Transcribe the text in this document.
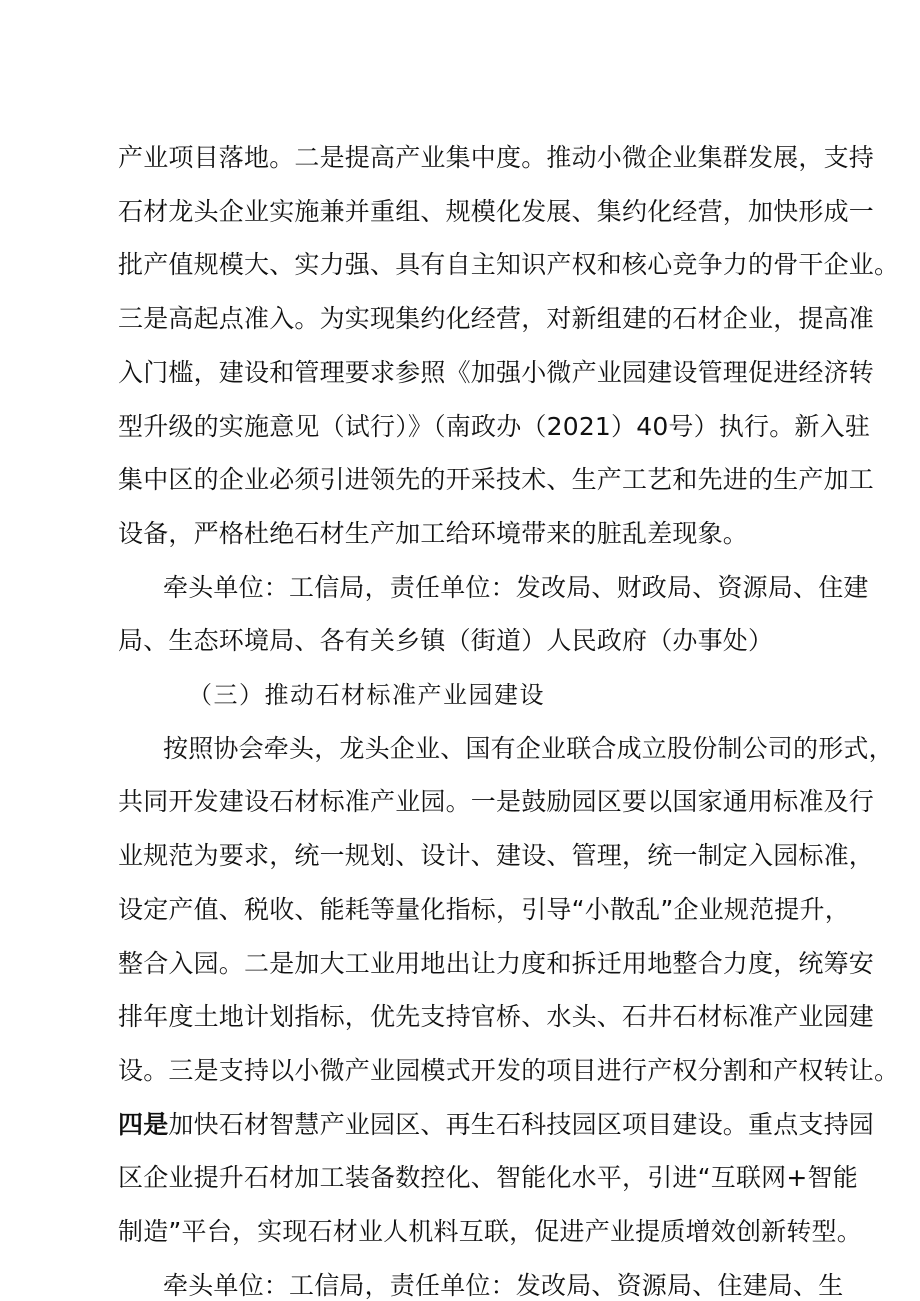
产业项目落地。二是提高产业集中度。推动小微企业集群发展，支持
石材龙头企业实施兼并重组、规模化发展、集约化经营，加快形成一
批产值规模大、实力强、具有自主知识产权和核心竞争力的骨干企业。
三是高起点准入。为实现集约化经营，对新组建的石材企业，提高准
入门槛，建设和管理要求参照《加强小微产业园建设管理促进经济转
型升级的实施意见（试行）》（南政办（2021）40号）执行。新入驻
集中区的企业必须引进领先的开采技术、生产工艺和先进的生产加工
设备，严格杜绝石材生产加工给环境带来的脏乱差现象。
牵头单位：工信局，责任单位：发改局、财政局、资源局、住建
局、生态环境局、各有关乡镇（街道）人民政府（办事处）
（三）推动石材标准产业园建设
按照协会牵头，龙头企业、国有企业联合成立股份制公司的形式，
共同开发建设石材标准产业园。一是鼓励园区要以国家通用标准及行
业规范为要求，统一规划、设计、建设、管理，统一制定入园标准，
设定产值、税收、能耗等量化指标，引导“小散乱”企业规范提升，
整合入园。二是加大工业用地出让力度和拆迁用地整合力度，统筹安
排年度土地计划指标，优先支持官桥、水头、石井石材标准产业园建
设。三是支持以小微产业园模式开发的项目进行产权分割和产权转让。
四是加快石材智慧产业园区、再生石科技园区项目建设。重点支持园
区企业提升石材加工装备数控化、智能化水平，引进“互联网+智能
制造”平台，实现石材业人机料互联，促进产业提质增效创新转型。
牵头单位：工信局，责任单位：发改局、资源局、住建局、生
